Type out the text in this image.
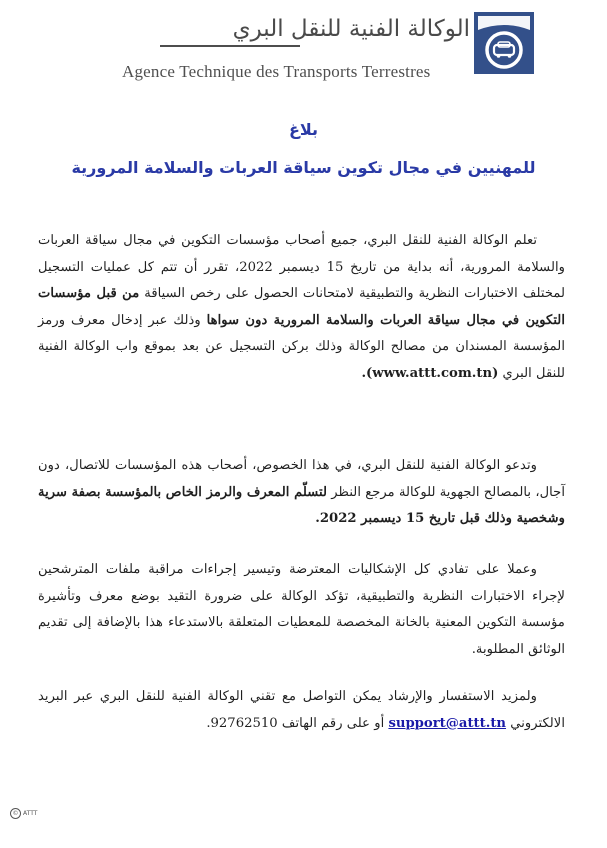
الوكالة الفنية للنقل البري
Agence Technique des Transports Terrestres
بلاغ
للمهنيين في مجال تكوين سياقة العربات والسلامة المرورية
تعلم الوكالة الفنية للنقل البري، جميع أصحاب مؤسسات التكوين في مجال سياقة العربات والسلامة المرورية، أنه بداية من تاريخ 15 ديسمبر 2022، تقرر أن تتم كل عمليات التسجيل لمختلف الاختبارات النظرية والتطبيقية لامتحانات الحصول على رخص السياقة من قبل مؤسسات التكوين في مجال سياقة العربات والسلامة المرورية دون سواها وذلك عبر إدخال معرف ورمز المؤسسة المسندان من مصالح الوكالة وذلك بركن التسجيل عن بعد بموقع واب الوكالة الفنية للنقل البري (www.attt.com.tn).
وتدعو الوكالة الفنية للنقل البري، في هذا الخصوص، أصحاب هذه المؤسسات للاتصال، دون آجال، بالمصالح الجهوية للوكالة مرجع النظر لتسلّم المعرف والرمز الخاص بالمؤسسة بصفة سرية وشخصية وذلك قبل تاريخ 15 ديسمبر 2022.
وعملا على تفادي كل الإشكاليات المعترضة وتيسير إجراءات مراقبة ملفات المترشحين لإجراء الاختبارات النظرية والتطبيقية، تؤكد الوكالة على ضرورة التقيد بوضع معرف وتأشيرة مؤسسة التكوين المعنية بالخانة المخصصة للمعطيات المتعلقة بالاستدعاء هذا بالإضافة إلى تقديم الوثائق المطلوبة.
ولمزيد الاستفسار والإرشاد يمكن التواصل مع تقني الوكالة الفنية للنقل البري عبر البريد الالكتروني support@attt.tn أو على رقم الهاتف 92762510.
© ATTT
